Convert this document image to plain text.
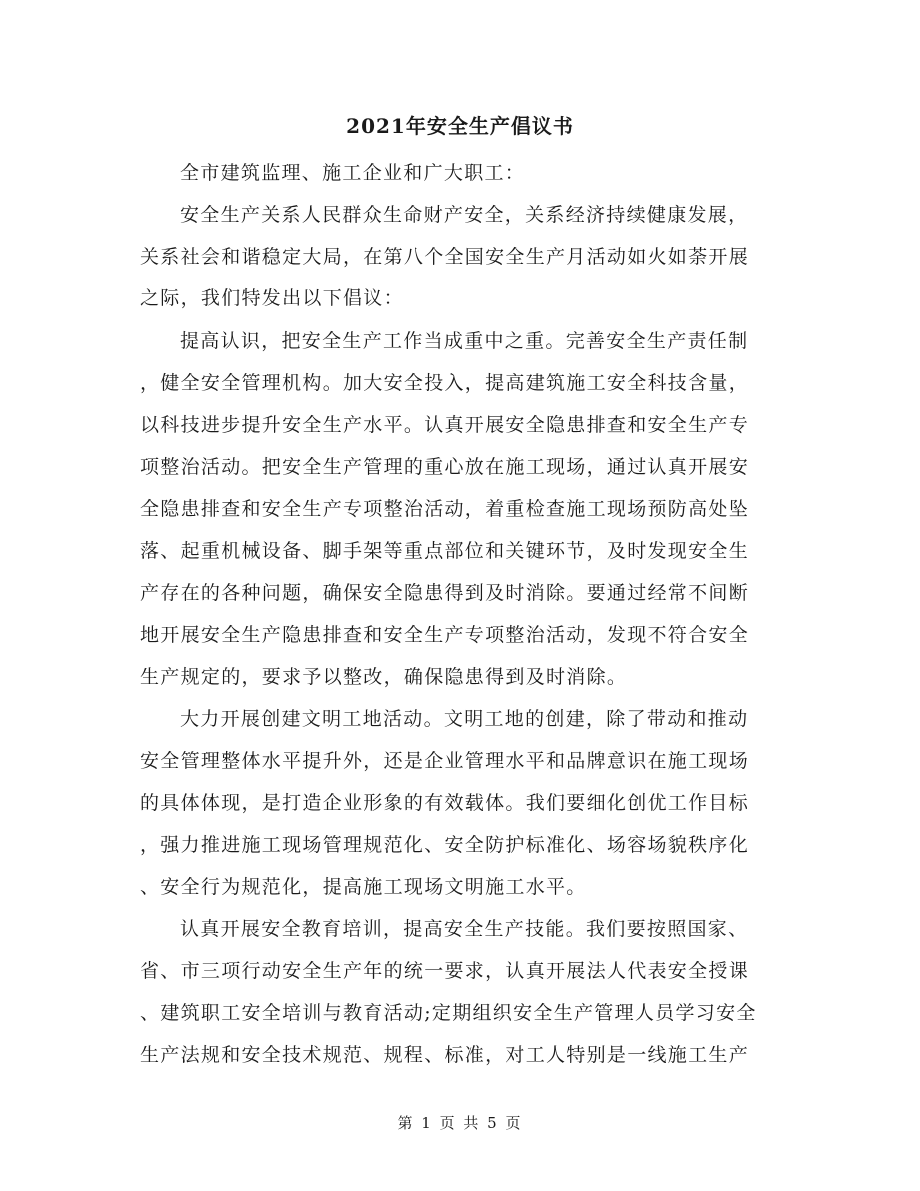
2021年安全生产倡议书
全市建筑监理、施工企业和广大职工：
安全生产关系人民群众生命财产安全，关系经济持续健康发展，
关系社会和谐稳定大局，在第八个全国安全生产月活动如火如荼开展
之际，我们特发出以下倡议：
提高认识，把安全生产工作当成重中之重。完善安全生产责任制
，健全安全管理机构。加大安全投入，提高建筑施工安全科技含量，
以科技进步提升安全生产水平。认真开展安全隐患排查和安全生产专
项整治活动。把安全生产管理的重心放在施工现场，通过认真开展安
全隐患排查和安全生产专项整治活动，着重检查施工现场预防高处坠
落、起重机械设备、脚手架等重点部位和关键环节，及时发现安全生
产存在的各种问题，确保安全隐患得到及时消除。要通过经常不间断
地开展安全生产隐患排查和安全生产专项整治活动，发现不符合安全
生产规定的，要求予以整改，确保隐患得到及时消除。
大力开展创建文明工地活动。文明工地的创建，除了带动和推动
安全管理整体水平提升外，还是企业管理水平和品牌意识在施工现场
的具体体现，是打造企业形象的有效载体。我们要细化创优工作目标
，强力推进施工现场管理规范化、安全防护标准化、场容场貌秩序化
、安全行为规范化，提高施工现场文明施工水平。
认真开展安全教育培训，提高安全生产技能。我们要按照国家、
省、市三项行动安全生产年的统一要求，认真开展法人代表安全授课
、建筑职工安全培训与教育活动;定期组织安全生产管理人员学习安全
生产法规和安全技术规范、规程、标准，对工人特别是一线施工生产
第 1 页 共 5 页
